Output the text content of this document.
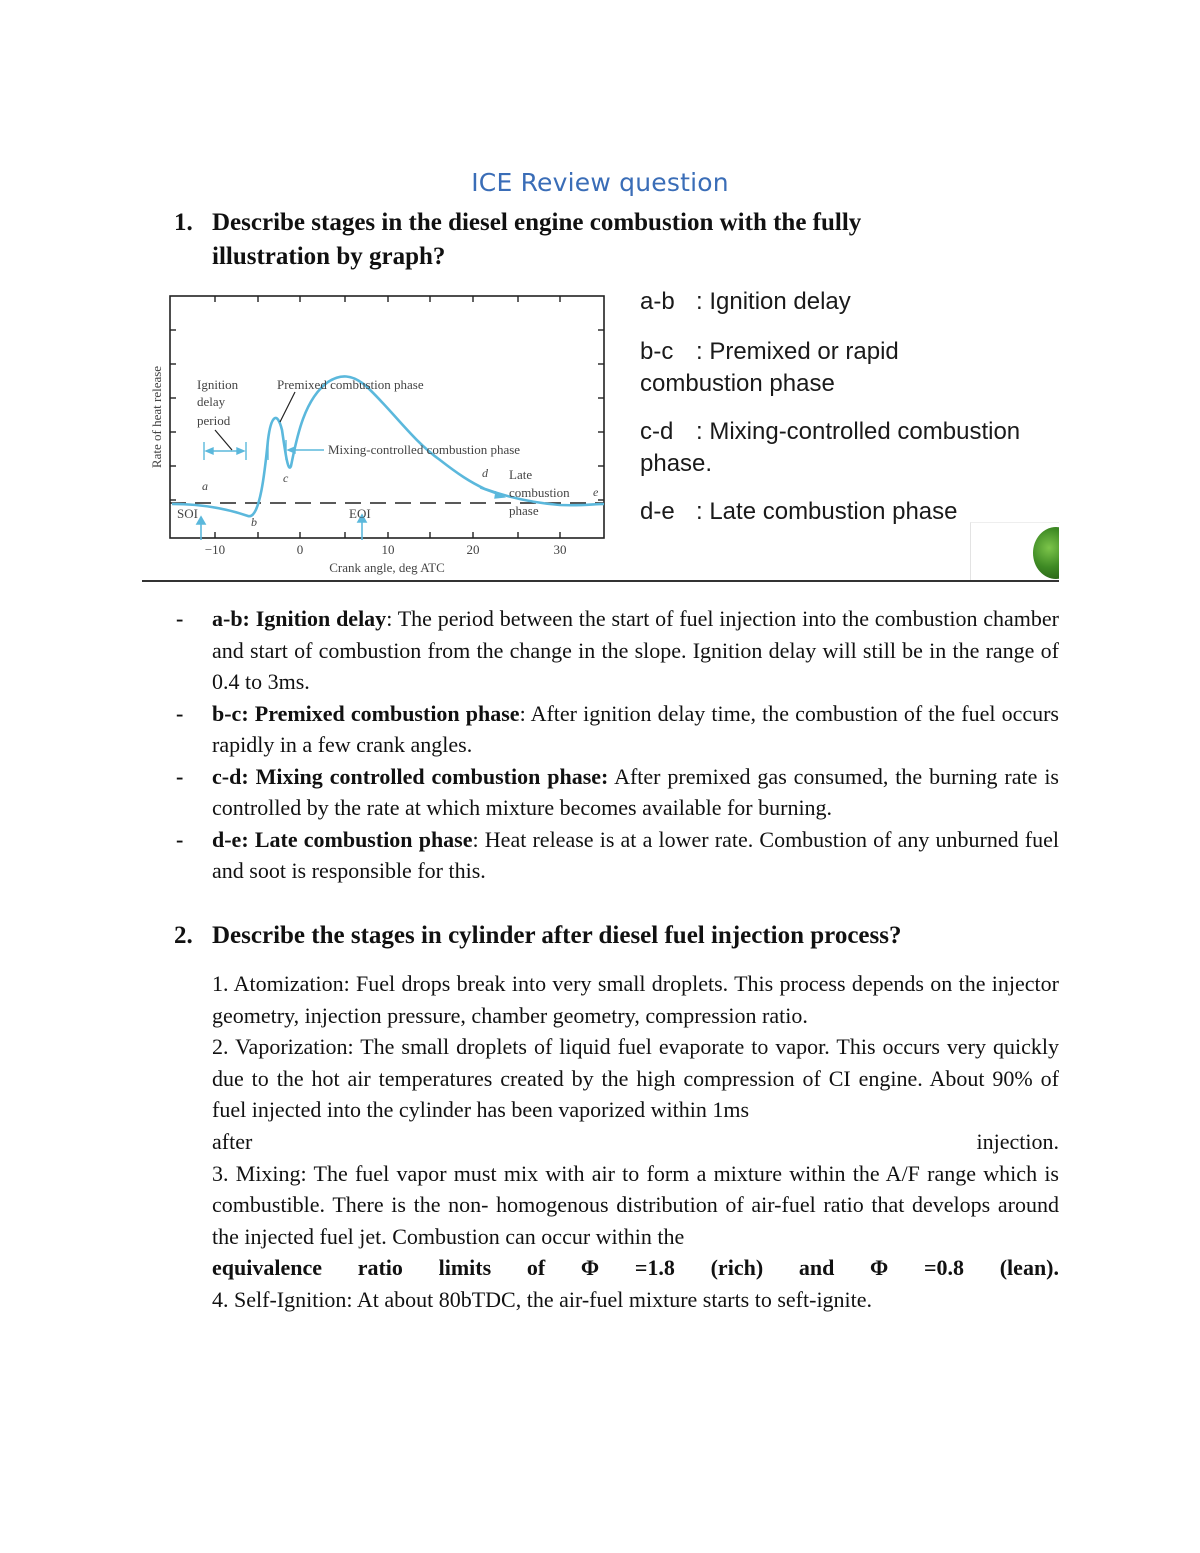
ICE Review question
1. Describe stages in the diesel engine combustion with the fully illustration by graph?
Ignition
delay
period
Premixed combustion phase
Mixing-controlled combustion phase
Late
combustion
phase
SOI	EOI
a
b
c	d
e
−10	0	10	20	30
Crank angle, deg ATC
Rate of heat release
a-b : Ignition delay
b-c : Premixed or rapid combustion phase
c-d : Mixing-controlled combustion phase.
d-e : Late combustion phase
- a-b: Ignition delay: The period between the start of fuel injection into the combustion chamber and start of combustion from the change in the slope. Ignition delay will still be in the range of 0.4 to 3ms.
- b-c: Premixed combustion phase: After ignition delay time, the combustion of the fuel occurs rapidly in a few crank angles.
- c-d: Mixing controlled combustion phase: After premixed gas consumed, the burning rate is controlled by the rate at which mixture becomes available for burning.
- d-e: Late combustion phase: Heat release is at a lower rate. Combustion of any unburned fuel and soot is responsible for this.
2. Describe the stages in cylinder after diesel fuel injection process?
1. Atomization: Fuel drops break into very small droplets. This process depends on the injector geometry, injection pressure, chamber geometry, compression ratio.
2. Vaporization: The small droplets of liquid fuel evaporate to vapor. This occurs very quickly due to the hot air temperatures created by the high compression of CI engine. About 90% of fuel injected into the cylinder has been vaporized within 1ms
after	injection.
3. Mixing: The fuel vapor must mix with air to form a mixture within the A/F range which is combustible. There is the non- homogenous distribution of air-fuel ratio that develops around the injected fuel jet. Combustion can occur within the
equivalence ratio limits of Φ =1.8 (rich) and Φ =0.8 (lean).
4. Self-Ignition: At about 80bTDC, the air-fuel mixture starts to seft-ignite.
